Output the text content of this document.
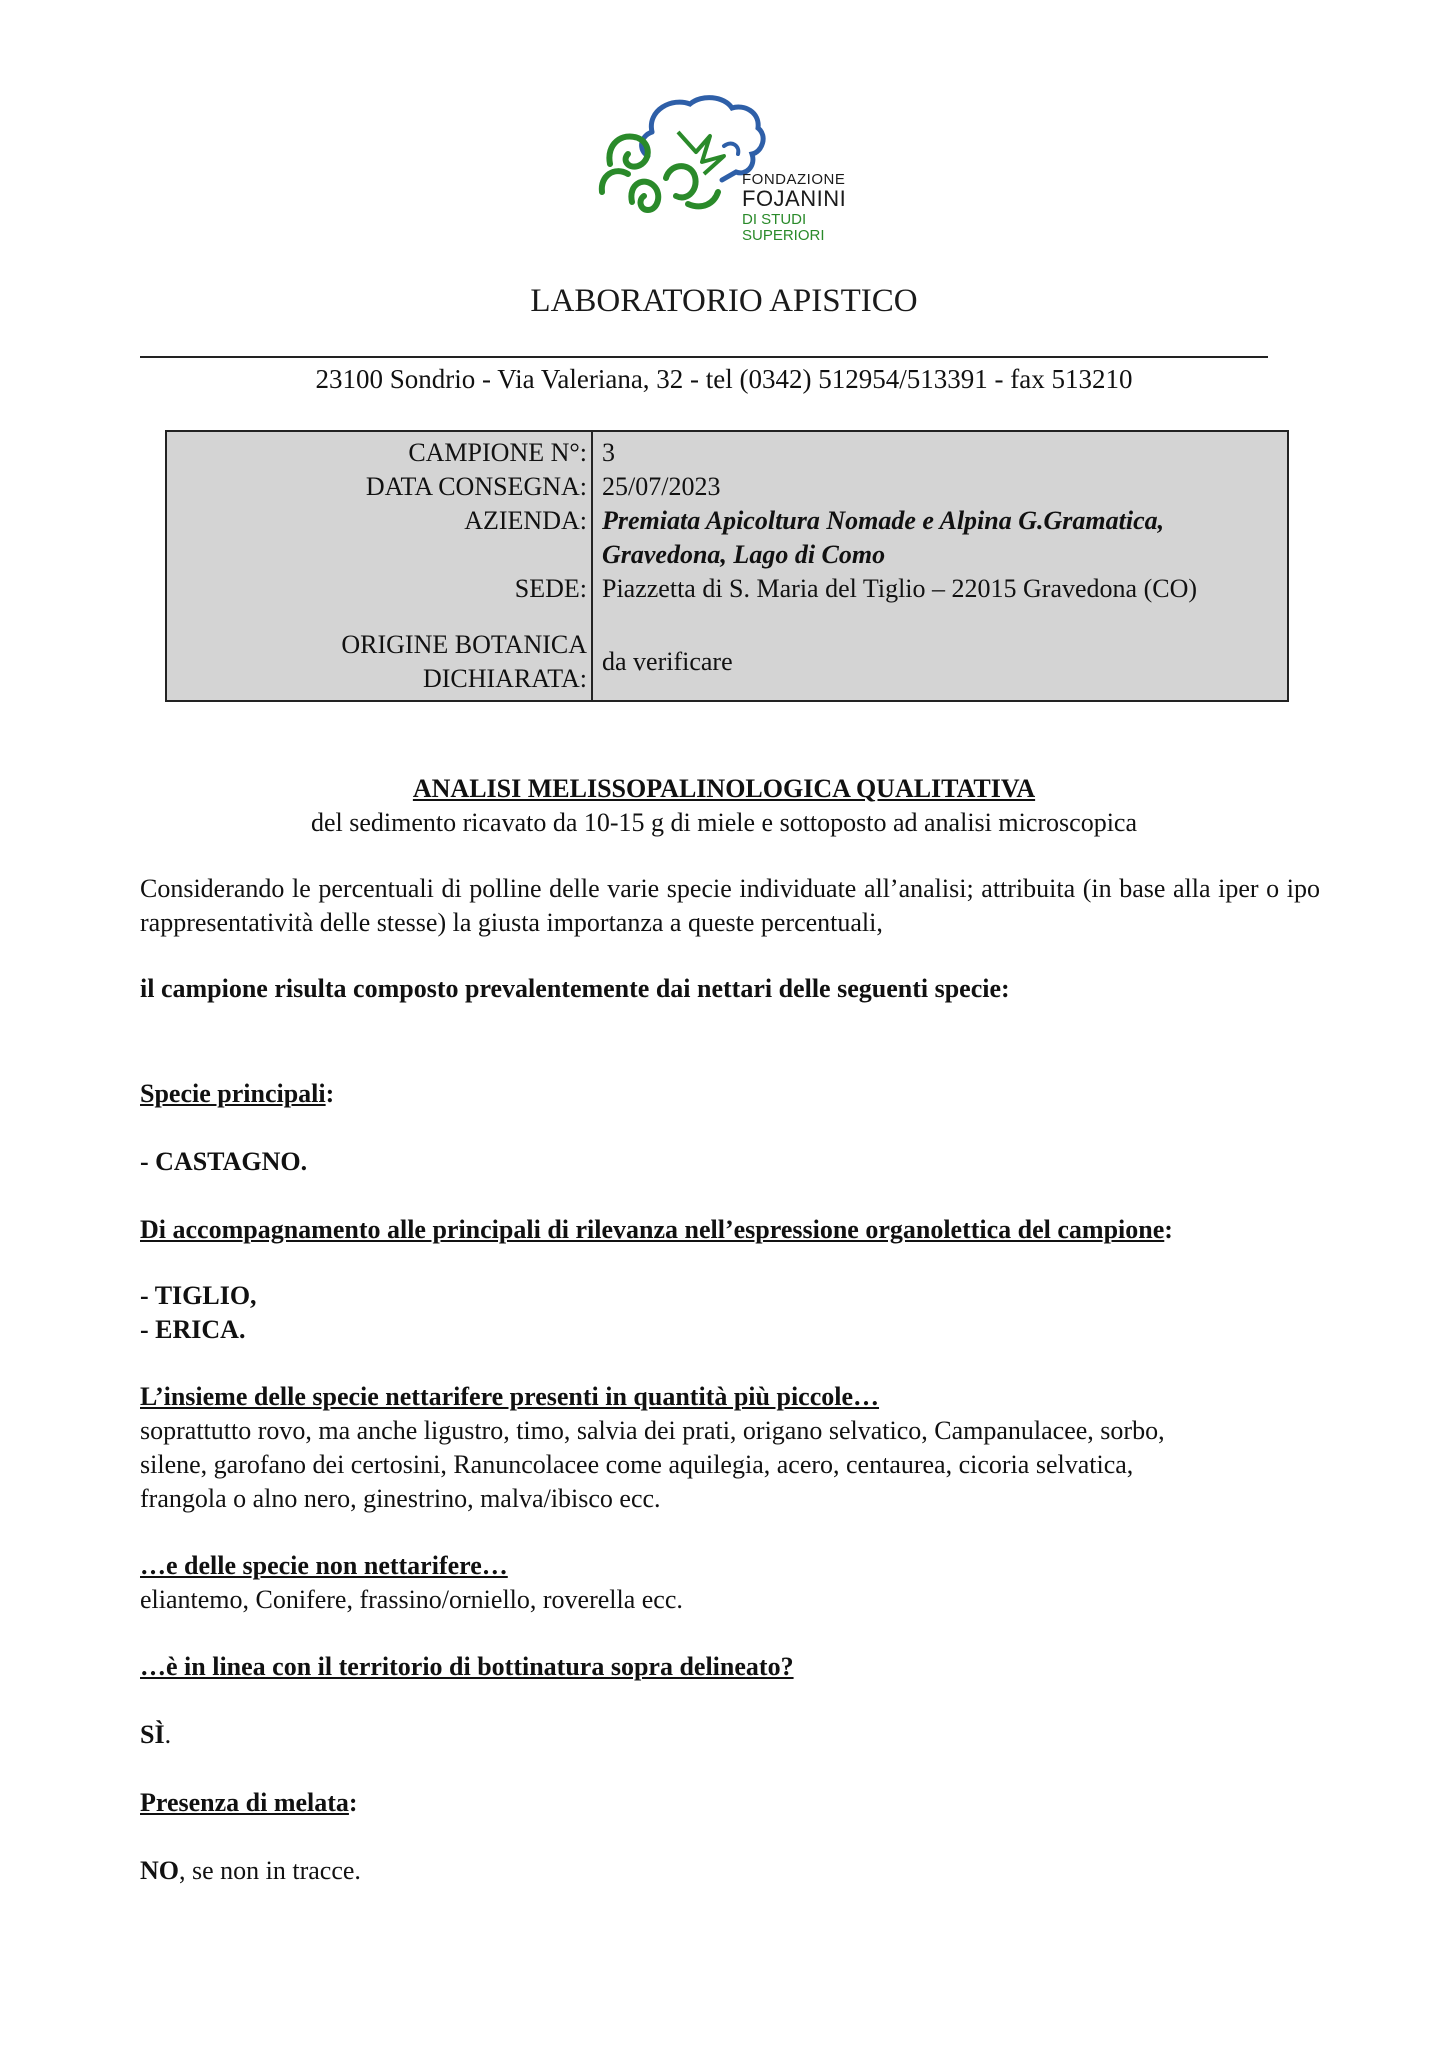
FONDAZIONE
FOJANINI
DI STUDI
SUPERIORI
LABORATORIO APISTICO
23100 Sondrio - Via Valeriana, 32 - tel (0342) 512954/513391 - fax 513210
CAMPIONE N°: 3
DATA CONSEGNA: 25/07/2023
AZIENDA: Premiata Apicoltura Nomade e Alpina G.Gramatica,
Gravedona, Lago di Como
SEDE: Piazzetta di S. Maria del Tiglio – 22015 Gravedona (CO)
ORIGINE BOTANICA
DICHIARATA:
da verificare
ANALISI MELISSOPALINOLOGICA QUALITATIVA
del sedimento ricavato da 10-15 g di miele e sottoposto ad analisi microscopica
Considerando le percentuali di polline delle varie specie individuate all’analisi; attribuita (in base alla iper o ipo rappresentatività delle stesse) la giusta importanza a queste percentuali,
il campione risulta composto prevalentemente dai nettari delle seguenti specie:
Specie principali:
- CASTAGNO.
Di accompagnamento alle principali di rilevanza nell’espressione organolettica del campione:
- TIGLIO,
- ERICA.
L’insieme delle specie nettarifere presenti in quantità più piccole…
soprattutto rovo, ma anche ligustro, timo, salvia dei prati, origano selvatico, Campanulacee, sorbo,
silene, garofano dei certosini, Ranuncolacee come aquilegia, acero, centaurea, cicoria selvatica,
frangola o alno nero, ginestrino, malva/ibisco ecc.
…e delle specie non nettarifere…
eliantemo, Conifere, frassino/orniello, roverella ecc.
…è in linea con il territorio di bottinatura sopra delineato?
SÌ.
Presenza di melata:
NO, se non in tracce.
